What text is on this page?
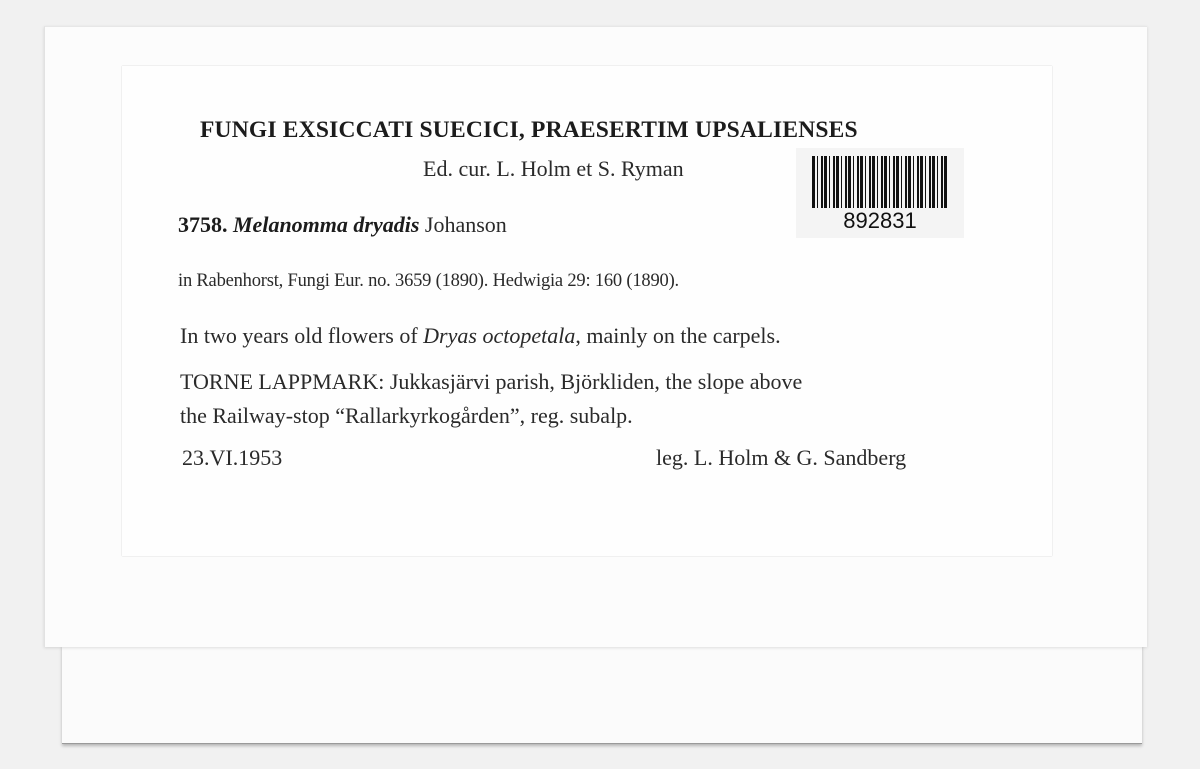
FUNGI EXSICCATI SUECICI, PRAESERTIM UPSALIENSES
Ed. cur. L. Holm et S. Ryman
892831
3758. Melanomma dryadis Johanson
in Rabenhorst, Fungi Eur. no. 3659 (1890). Hedwigia 29: 160 (1890).
In two years old flowers of Dryas octopetala, mainly on the carpels.
TORNE LAPPMARK: Jukkasjärvi parish, Björkliden, the slope above
the Railway-stop “Rallarkyrkogården”, reg. subalp.
23.VI.1953	leg. L. Holm & G. Sandberg
